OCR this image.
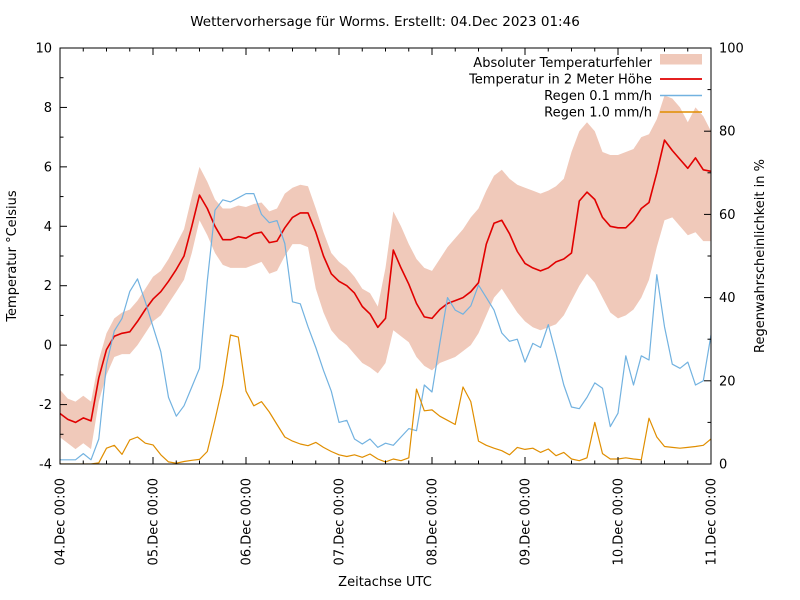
Wettervorhersage für Worms. Erstellt: 04.Dec 2023 01:46
Temperatur °Celsius	Regenwahrscheinlichkeit in %
Zeitachse UTC
04.Dec 00:00	05.Dec 00:00	06.Dec 00:00	07.Dec 00:00	08.Dec 00:00	09.Dec 00:00	10.Dec 00:00	11.Dec 00:00
-4
-2
0
2
4
6
8
10
0
20
40
60
80
100
Absoluter Temperaturfehler
Temperatur in 2 Meter Höhe
Regen 0.1 mm/h
Regen 1.0 mm/h
